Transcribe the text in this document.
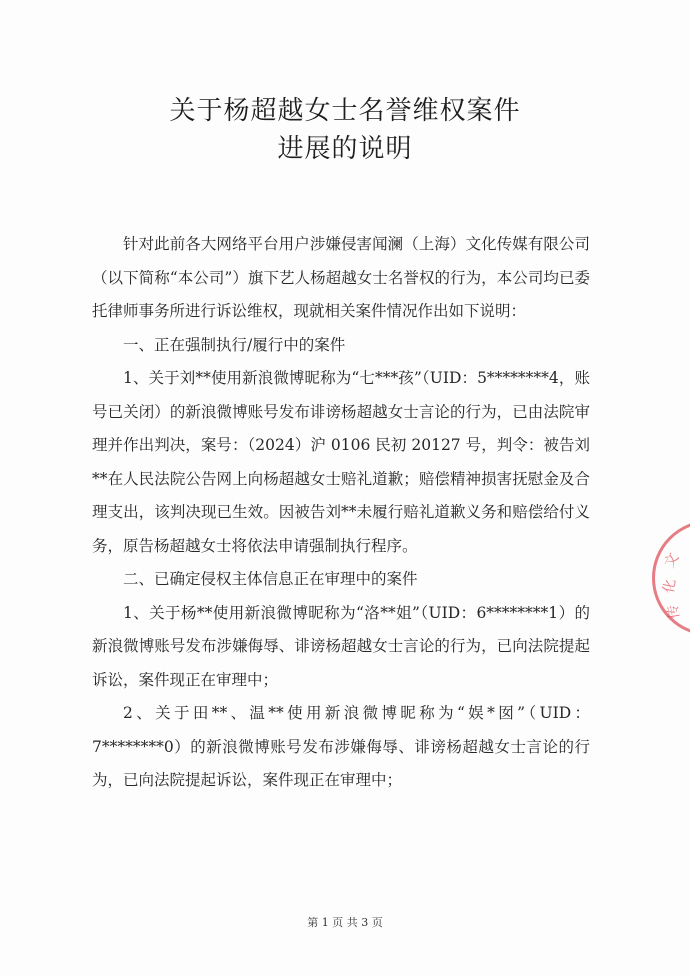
关于杨超越女士名誉维权案件
进展的说明

针对此前各大网络平台用户涉嫌侵害闻澜（上海）文化传媒有限公司（以下简称“本公司”）旗下艺人杨超越女士名誉权的行为，本公司均已委托律师事务所进行诉讼维权，现就相关案件情况作出如下说明：

一、正在强制执行/履行中的案件

1、关于刘**使用新浪微博昵称为“七***孩”（UID：5********4，账号已关闭）的新浪微博账号发布诽谤杨超越女士言论的行为，已由法院审理并作出判决，案号：（2024）沪 0106 民初 20127 号，判令：被告刘**在人民法院公告网上向杨超越女士赔礼道歉；赔偿精神损害抚慰金及合理支出，该判决现已生效。因被告刘**未履行赔礼道歉义务和赔偿给付义务，原告杨超越女士将依法申请强制执行程序。

二、已确定侵权主体信息正在审理中的案件

1、关于杨**使用新浪微博昵称为“洛**姐”（UID：6********1）的新浪微博账号发布涉嫌侮辱、诽谤杨超越女士言论的行为，已向法院提起诉讼，案件现正在审理中；

2、关于田**、温**使用新浪微博昵称为“娱*囡”（UID：7********0）的新浪微博账号发布涉嫌侮辱、诽谤杨超越女士言论的行为，已向法院提起诉讼，案件现正在审理中；

文
化
传
第 1 页 共 3 页
